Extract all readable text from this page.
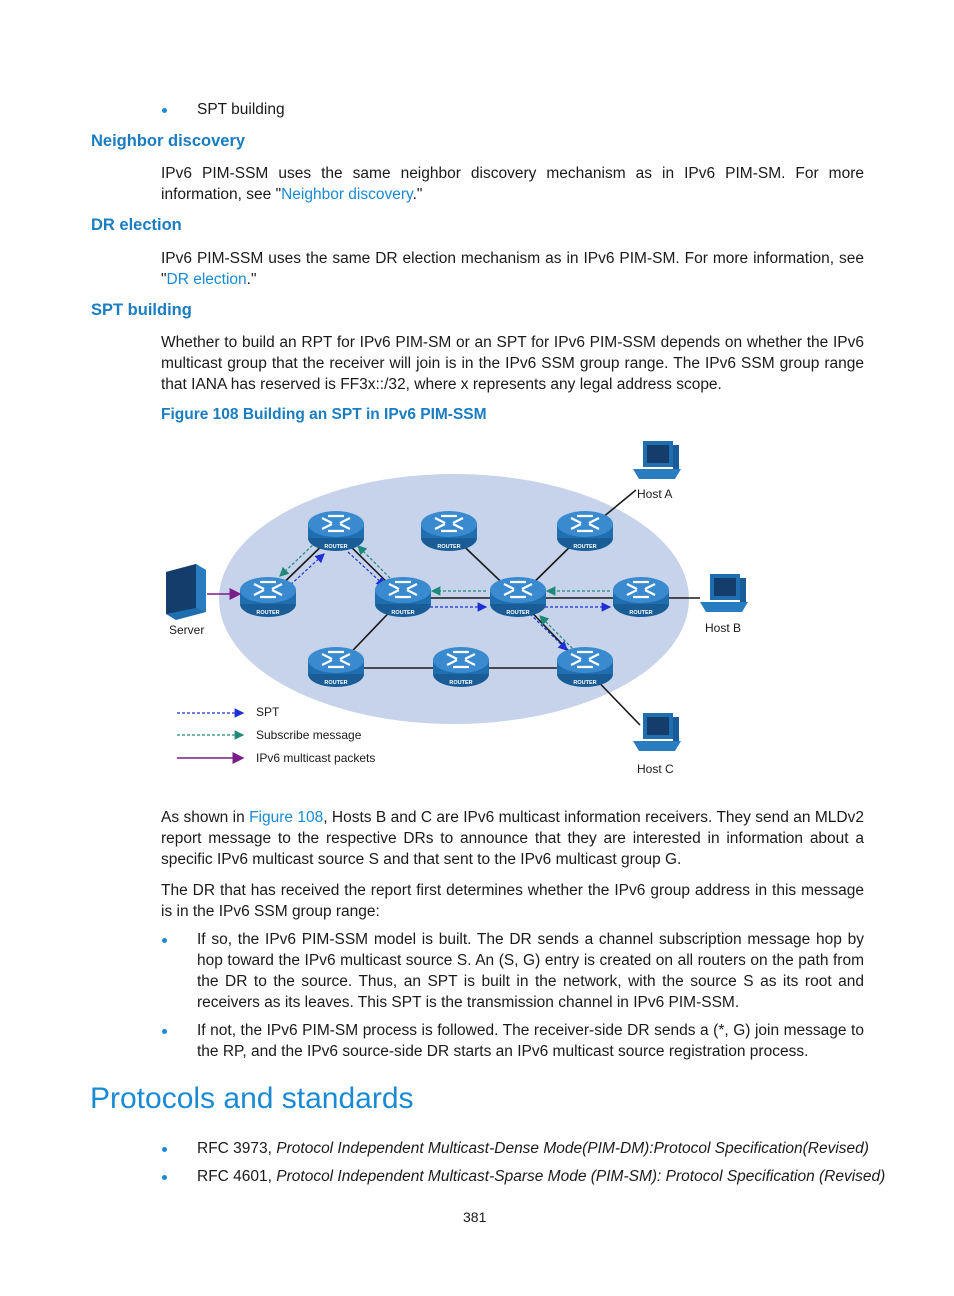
SPT building
Neighbor discovery
IPv6 PIM-SSM uses the same neighbor discovery mechanism as in IPv6 PIM-SM. For more information, see "Neighbor discovery."
DR election
IPv6 PIM-SSM uses the same DR election mechanism as in IPv6 PIM-SM. For more information, see "DR election."
SPT building
Whether to build an RPT for IPv6 PIM-SM or an SPT for IPv6 PIM-SSM depends on whether the IPv6 multicast group that the receiver will join is in the IPv6 SSM group range. The IPv6 SSM group range that IANA has reserved is FF3x::/32, where x represents any legal address scope.
Figure 108 Building an SPT in IPv6 PIM-SSM
ROUTER	ROUTER	ROUTER
ROUTER	ROUTER	ROUTER	ROUTER
ROUTER	ROUTER	ROUTER
Server
Host A
Host B
Host C
SPT
Subscribe message
IPv6 multicast packets
As shown in Figure 108, Hosts B and C are IPv6 multicast information receivers. They send an MLDv2 report message to the respective DRs to announce that they are interested in information about a specific IPv6 multicast source S and that sent to the IPv6 multicast group G.
The DR that has received the report first determines whether the IPv6 group address in this message is in the IPv6 SSM group range:
If so, the IPv6 PIM-SSM model is built. The DR sends a channel subscription message hop by hop toward the IPv6 multicast source S. An (S, G) entry is created on all routers on the path from the DR to the source. Thus, an SPT is built in the network, with the source S as its root and receivers as its leaves. This SPT is the transmission channel in IPv6 PIM-SSM.
If not, the IPv6 PIM-SM process is followed. The receiver-side DR sends a (*, G) join message to the RP, and the IPv6 source-side DR starts an IPv6 multicast source registration process.
Protocols and standards
RFC 3973, Protocol Independent Multicast-Dense Mode(PIM-DM):Protocol Specification(Revised)
RFC 4601, Protocol Independent Multicast-Sparse Mode (PIM-SM): Protocol Specification (Revised)
381
